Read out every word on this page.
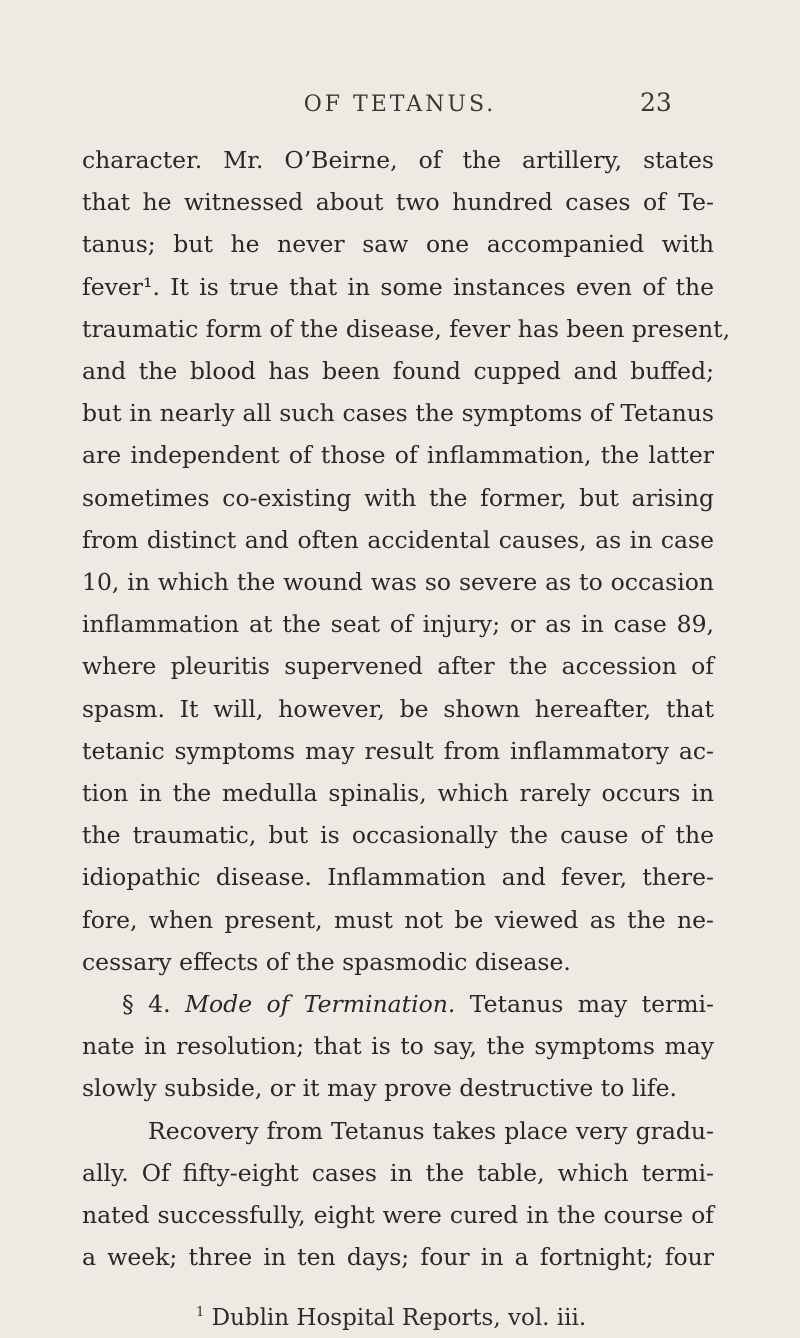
OF TETANUS.	23
character. Mr. O’Beirne, of the artillery, states
that he witnessed about two hundred cases of Te-
tanus; but he never saw one accompanied with
fever¹. It is true that in some instances even of the
traumatic form of the disease, fever has been present,
and the blood has been found cupped and buffed;
but in nearly all such cases the symptoms of Tetanus
are independent of those of inflammation, the latter
sometimes co-existing with the former, but arising
from distinct and often accidental causes, as in case
10, in which the wound was so severe as to occasion
inflammation at the seat of injury; or as in case 89,
where pleuritis supervened after the accession of
spasm. It will, however, be shown hereafter, that
tetanic symptoms may result from inflammatory ac-
tion in the medulla spinalis, which rarely occurs in
the traumatic, but is occasionally the cause of the
idiopathic disease. Inflammation and fever, there-
fore, when present, must not be viewed as the ne-
cessary effects of the spasmodic disease.
§ 4. Mode of Termination. Tetanus may termi-
nate in resolution; that is to say, the symptoms may
slowly subside, or it may prove destructive to life.
Recovery from Tetanus takes place very gradu-
ally. Of fifty-eight cases in the table, which termi-
nated successfully, eight were cured in the course of
a week; three in ten days; four in a fortnight; four
$^1$ Dublin Hospital Reports, vol. iii.
